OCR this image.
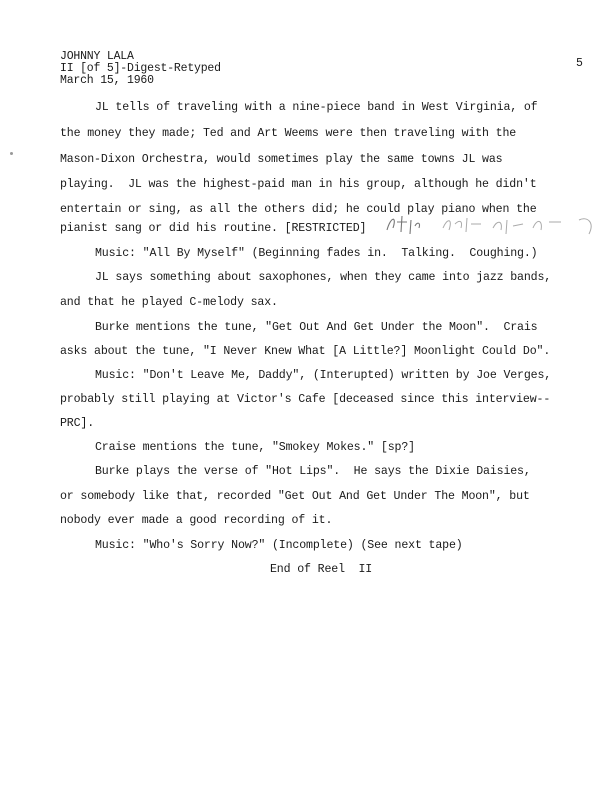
JOHNNY LALA
II [of 5]-Digest-Retyped
March 15, 1960
5
JL tells of traveling with a nine-piece band in West Virginia, of
the money they made; Ted and Art Weems were then traveling with the
Mason-Dixon Orchestra, would sometimes play the same towns JL was
playing.  JL was the highest-paid man in his group, although he didn't
entertain or sing, as all the others did; he could play piano when the
pianist sang or did his routine. [RESTRICTED]
Music: "All By Myself" (Beginning fades in.  Talking.  Coughing.)
JL says something about saxophones, when they came into jazz bands,
and that he played C-melody sax.
Burke mentions the tune, "Get Out And Get Under the Moon".  Crais
asks about the tune, "I Never Knew What [A Little?] Moonlight Could Do".
Music: "Don't Leave Me, Daddy", (Interupted) written by Joe Verges,
probably still playing at Victor's Cafe [deceased since this interview--
PRC].
Craise mentions the tune, "Smokey Mokes." [sp?]
Burke plays the verse of "Hot Lips".  He says the Dixie Daisies,
or somebody like that, recorded "Get Out And Get Under The Moon", but
nobody ever made a good recording of it.
Music: "Who's Sorry Now?" (Incomplete) (See next tape)
End of Reel  II
